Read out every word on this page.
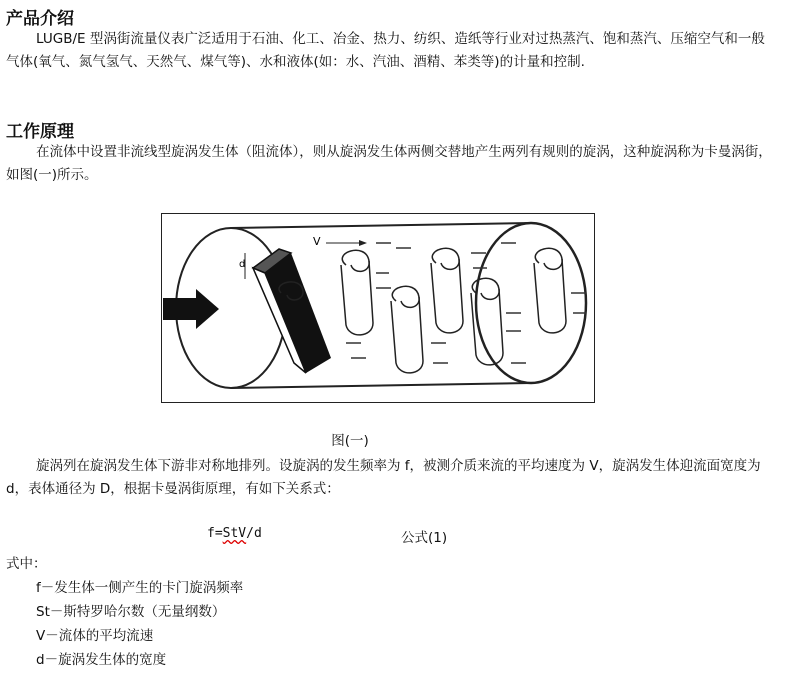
产品介绍

LUGB/E 型涡街流量仪表广泛适用于石油、化工、冶金、热力、纺织、造纸等行业对过热蒸汽、饱和蒸汽、压缩空气和一般气体(氧气、氮气氢气、天然气、煤气等)、水和液体(如：水、汽油、酒精、苯类等)的计量和控制.

工作原理

在流体中设置非流线型旋涡发生体（阻流体），则从旋涡发生体两侧交替地产生两列有规则的旋涡，这种旋涡称为卡曼涡街，如图(一)所示。

d
V
图(一)

旋涡列在旋涡发生体下游非对称地排列。设旋涡的发生频率为 f，被测介质来流的平均速度为 V，旋涡发生体迎流面宽度为 d，表体通径为 D，根据卡曼涡街原理，有如下关系式：

f=StV/d	公式(1)
式中：
f－发生体一侧产生的卡门旋涡频率
St－斯特罗哈尔数（无量纲数）
V－流体的平均流速
d－旋涡发生体的宽度
